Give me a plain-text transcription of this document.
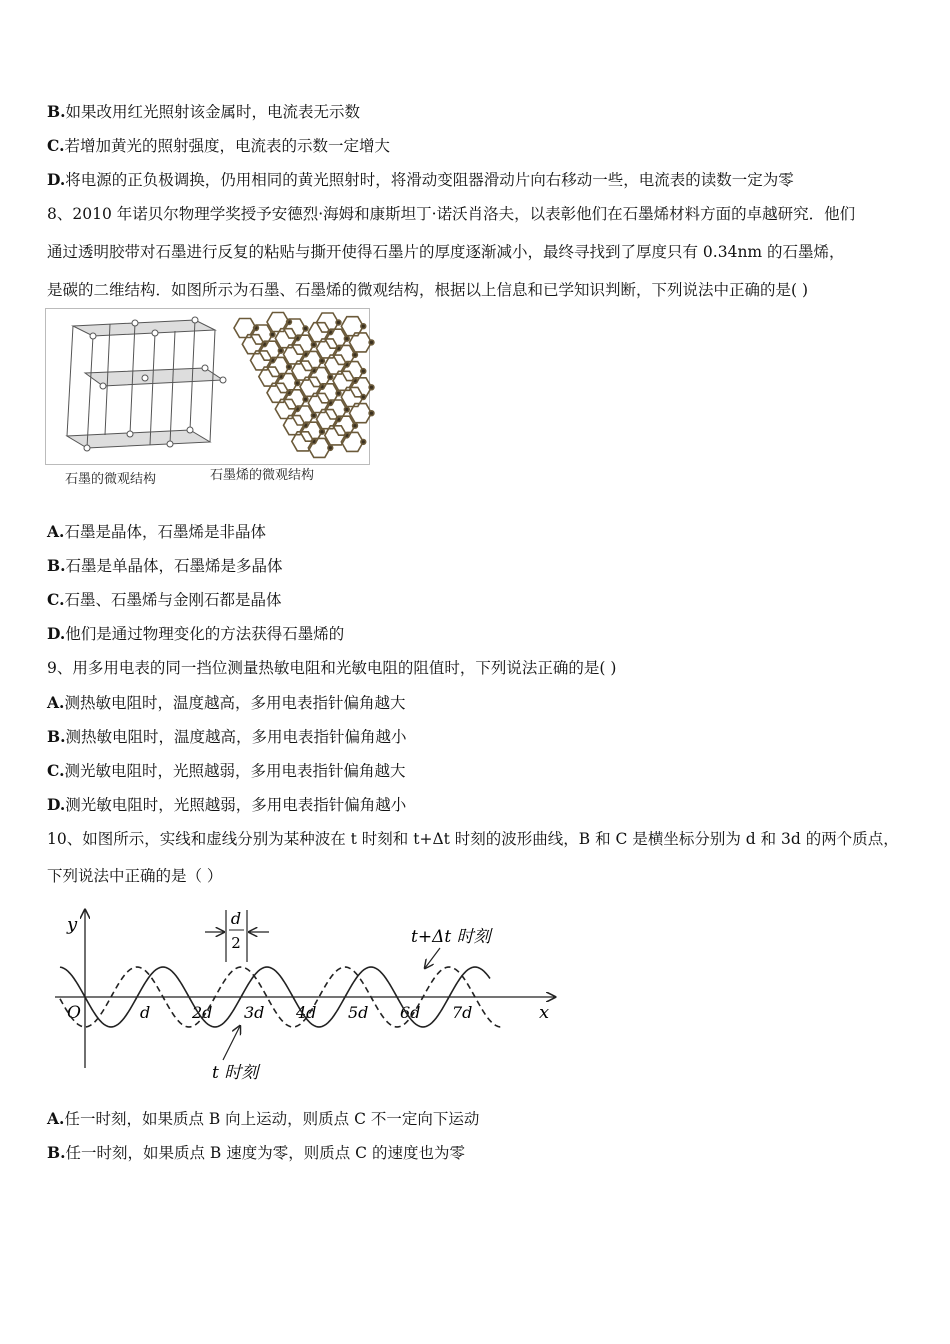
B.如果改用红光照射该金属时，电流表无示数
C.若增加黄光的照射强度，电流表的示数一定增大
D.将电源的正负极调换，仍用相同的黄光照射时，将滑动变阻器滑动片向右移动一些，电流表的读数一定为零
8、2010 年诺贝尔物理学奖授予安德烈·海姆和康斯坦丁·诺沃肖洛夫，以表彰他们在石墨烯材料方面的卓越研究．他们
通过透明胶带对石墨进行反复的粘贴与撕开使得石墨片的厚度逐渐减小，最终寻找到了厚度只有 0.34nm 的石墨烯，
是碳的二维结构．如图所示为石墨、石墨烯的微观结构，根据以上信息和已学知识判断，下列说法中正确的是( )
石墨的微观结构	石墨烯的微观结构
A.石墨是晶体，石墨烯是非晶体
B.石墨是单晶体，石墨烯是多晶体
C.石墨、石墨烯与金刚石都是晶体
D.他们是通过物理变化的方法获得石墨烯的
9、用多用电表的同一挡位测量热敏电阻和光敏电阻的阻值时，下列说法正确的是( )
A.测热敏电阻时，温度越高，多用电表指针偏角越大
B.测热敏电阻时，温度越高，多用电表指针偏角越小
C.测光敏电阻时，光照越弱，多用电表指针偏角越大
D.测光敏电阻时，光照越弱，多用电表指针偏角越小
10、如图所示，实线和虚线分别为某种波在 t 时刻和 t+Δt 时刻的波形曲线，B 和 C 是横坐标分别为 d 和 3d 的两个质点，
下列说法中正确的是（ ）
y
x
O	d	2d 3d 4d 5d 6d 7d
d
2	t+Δt 时刻
t 时刻
A.任一时刻，如果质点 B 向上运动，则质点 C 不一定向下运动
B.任一时刻，如果质点 B 速度为零，则质点 C 的速度也为零
